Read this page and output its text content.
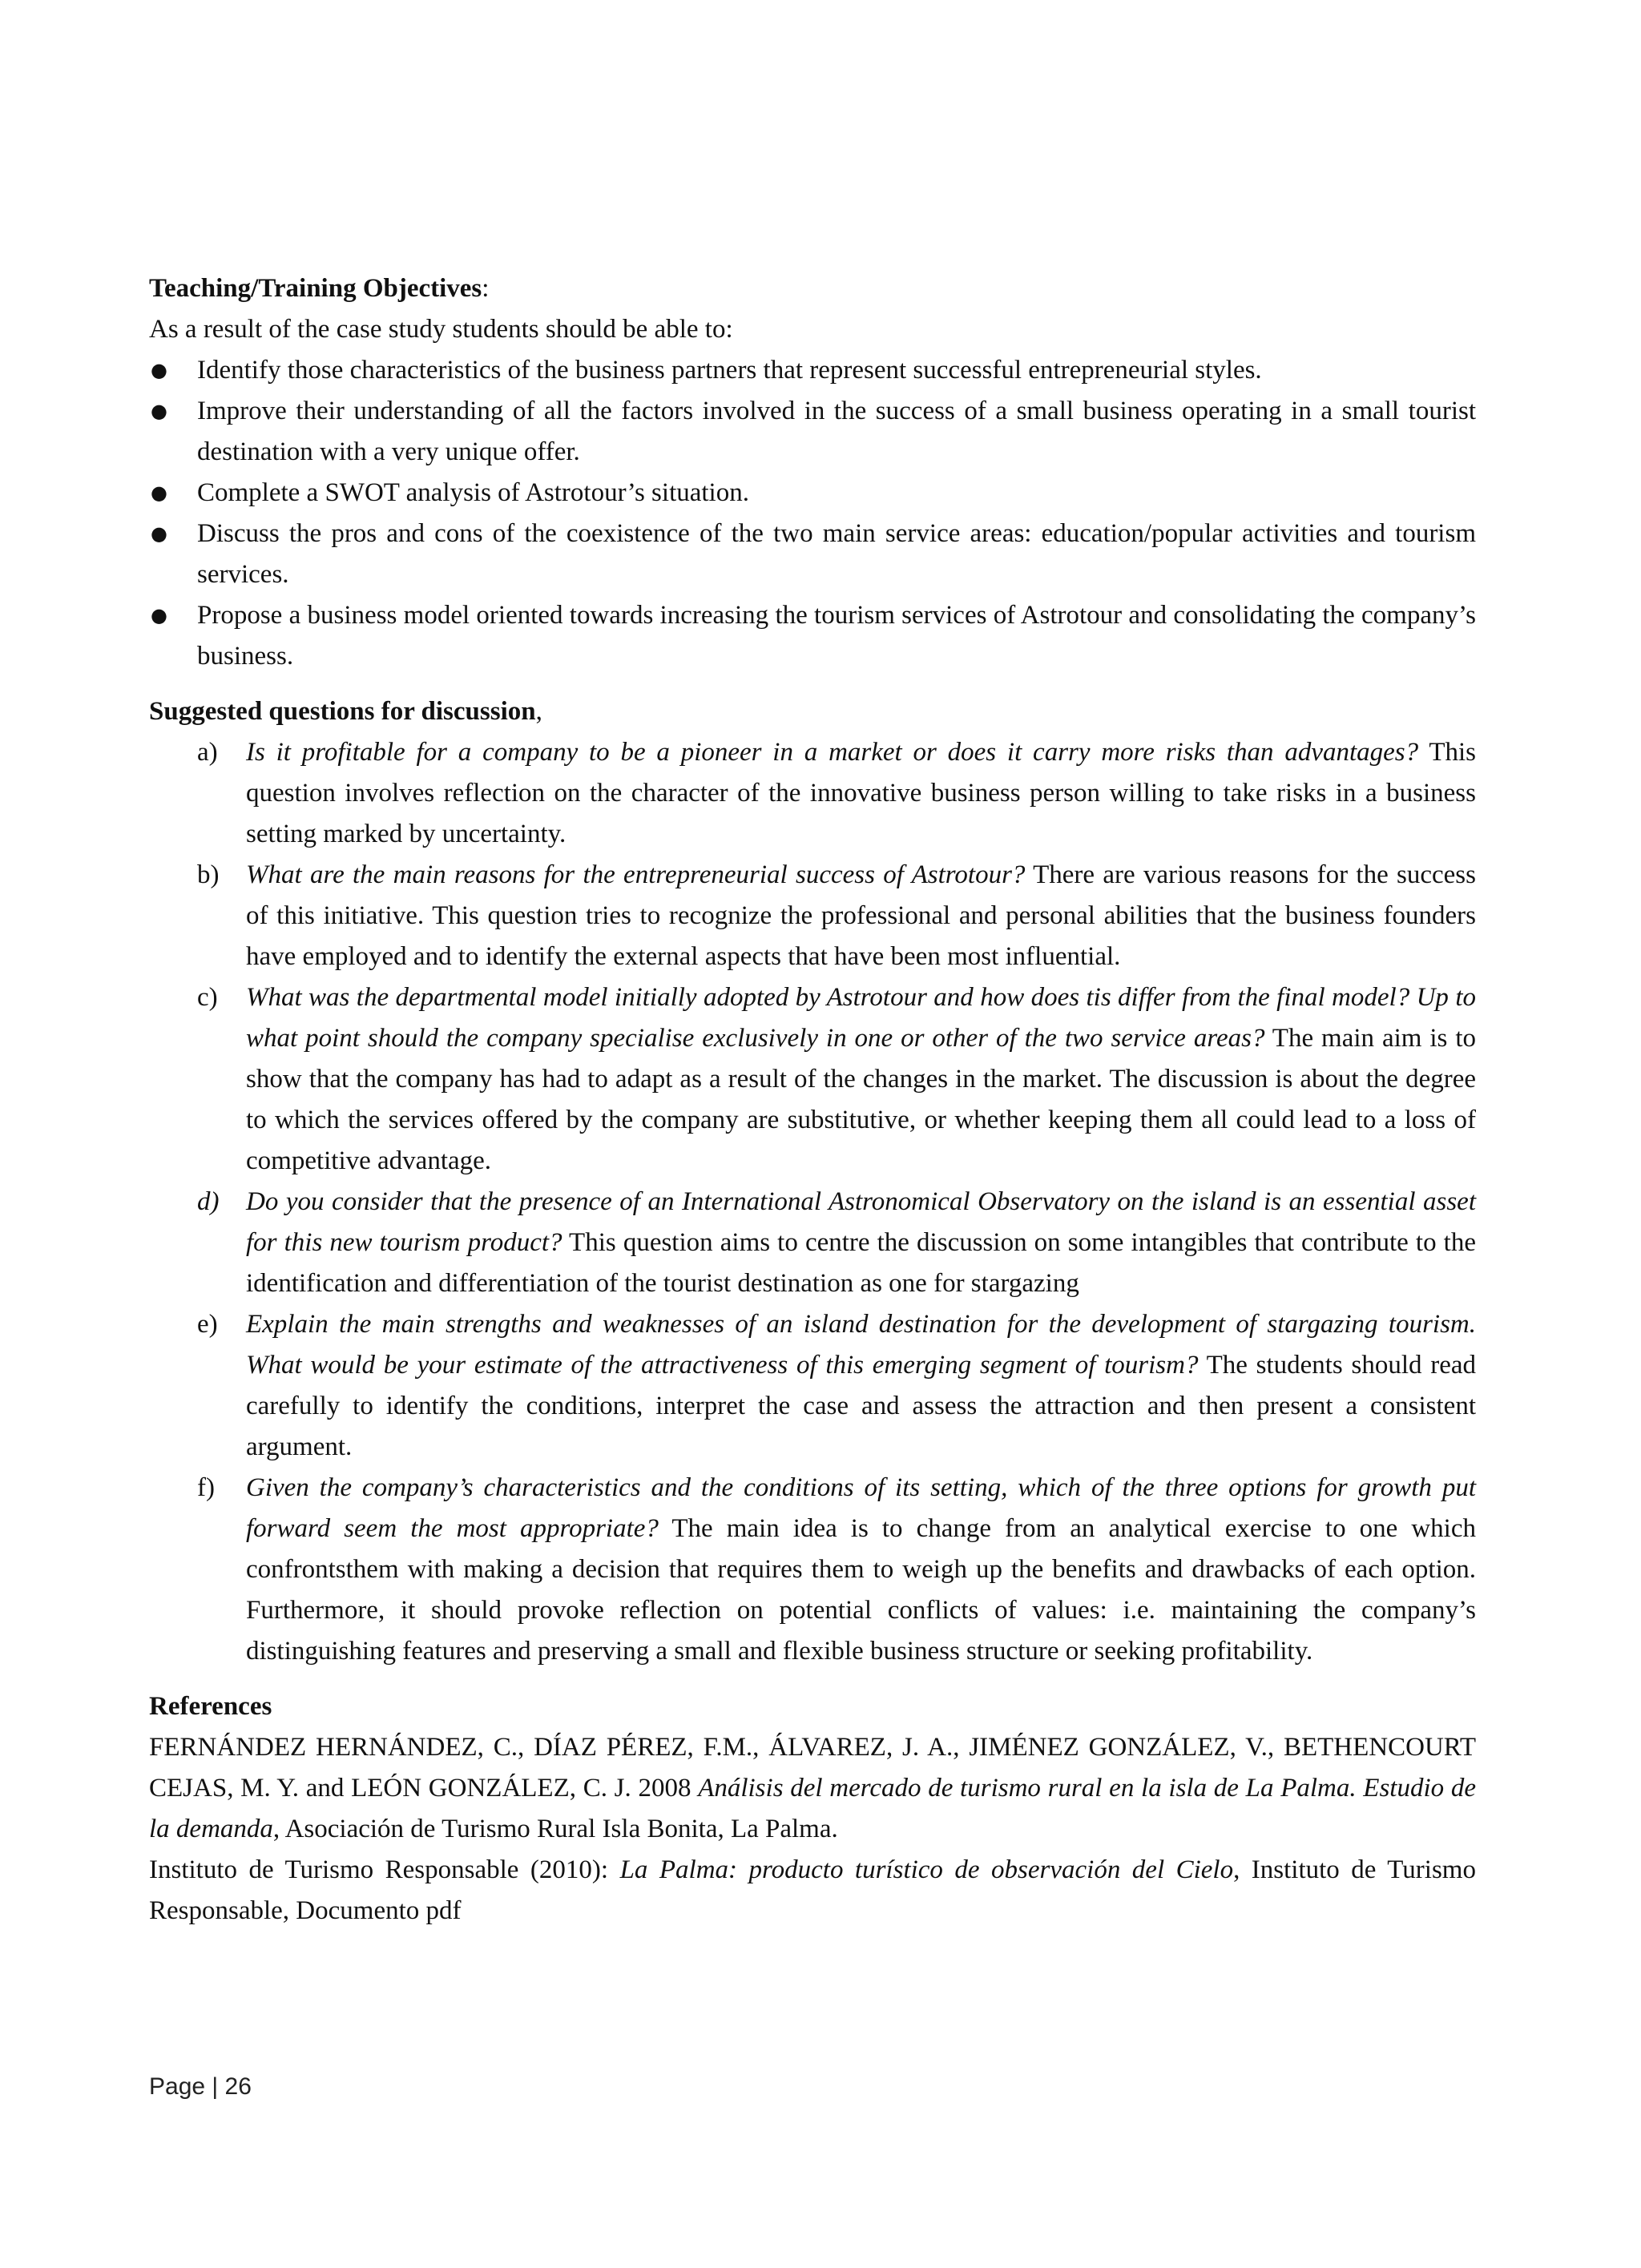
Teaching/Training Objectives:

As a result of the case study students should be able to:

● Identify those characteristics of the business partners that represent successful entrepreneurial styles.
● Improve their understanding of all the factors involved in the success of a small business operating in a small tourist destination with a very unique offer.
● Complete a SWOT analysis of Astrotour’s situation.
● Discuss the pros and cons of the coexistence of the two main service areas: education/popular activities and tourism services.
● Propose a business model oriented towards increasing the tourism services of Astrotour and consolidating the company’s business.
Suggested questions for discussion,
a) Is it profitable for a company to be a pioneer in a market or does it carry more risks than advantages? This question involves reflection on the character of the innovative business person willing to take risks in a business setting marked by uncertainty.
b) What are the main reasons for the entrepreneurial success of Astrotour? There are various reasons for the success of this initiative. This question tries to recognize the professional and personal abilities that the business founders have employed and to identify the external aspects that have been most influential.
c) What was the departmental model initially adopted by Astrotour and how does tis differ from the final model? Up to what point should the company specialise exclusively in one or other of the two service areas? The main aim is to show that the company has had to adapt as a result of the changes in the market. The discussion is about the degree to which the services offered by the company are substitutive, or whether keeping them all could lead to a loss of competitive advantage.
d) Do you consider that the presence of an International Astronomical Observatory on the island is an essential asset for this new tourism product? This question aims to centre the discussion on some intangibles that contribute to the identification and differentiation of the tourist destination as one for stargazing
e) Explain the main strengths and weaknesses of an island destination for the development of stargazing tourism. What would be your estimate of the attractiveness of this emerging segment of tourism? The students should read carefully to identify the conditions, interpret the case and assess the attraction and then present a consistent argument.
f) Given the company’s characteristics and the conditions of its setting, which of the three options for growth put forward seem the most appropriate? The main idea is to change from an analytical exercise to one which confrontsthem with making a decision that requires them to weigh up the benefits and drawbacks of each option. Furthermore, it should provoke reflection on potential conflicts of values: i.e. maintaining the company’s distinguishing features and preserving a small and flexible business structure or seeking profitability.
References

FERNÁNDEZ HERNÁNDEZ, C., DÍAZ PÉREZ, F.M., ÁLVAREZ, J. A., JIMÉNEZ GONZÁLEZ, V., BETHENCOURT CEJAS, M. Y. and LEÓN GONZÁLEZ, C. J. 2008 Análisis del mercado de turismo rural en la isla de La Palma. Estudio de la demanda, Asociación de Turismo Rural Isla Bonita, La Palma.

Instituto de Turismo Responsable (2010): La Palma: producto turístico de observación del Cielo, Instituto de Turismo Responsable, Documento pdf

Page | 26
